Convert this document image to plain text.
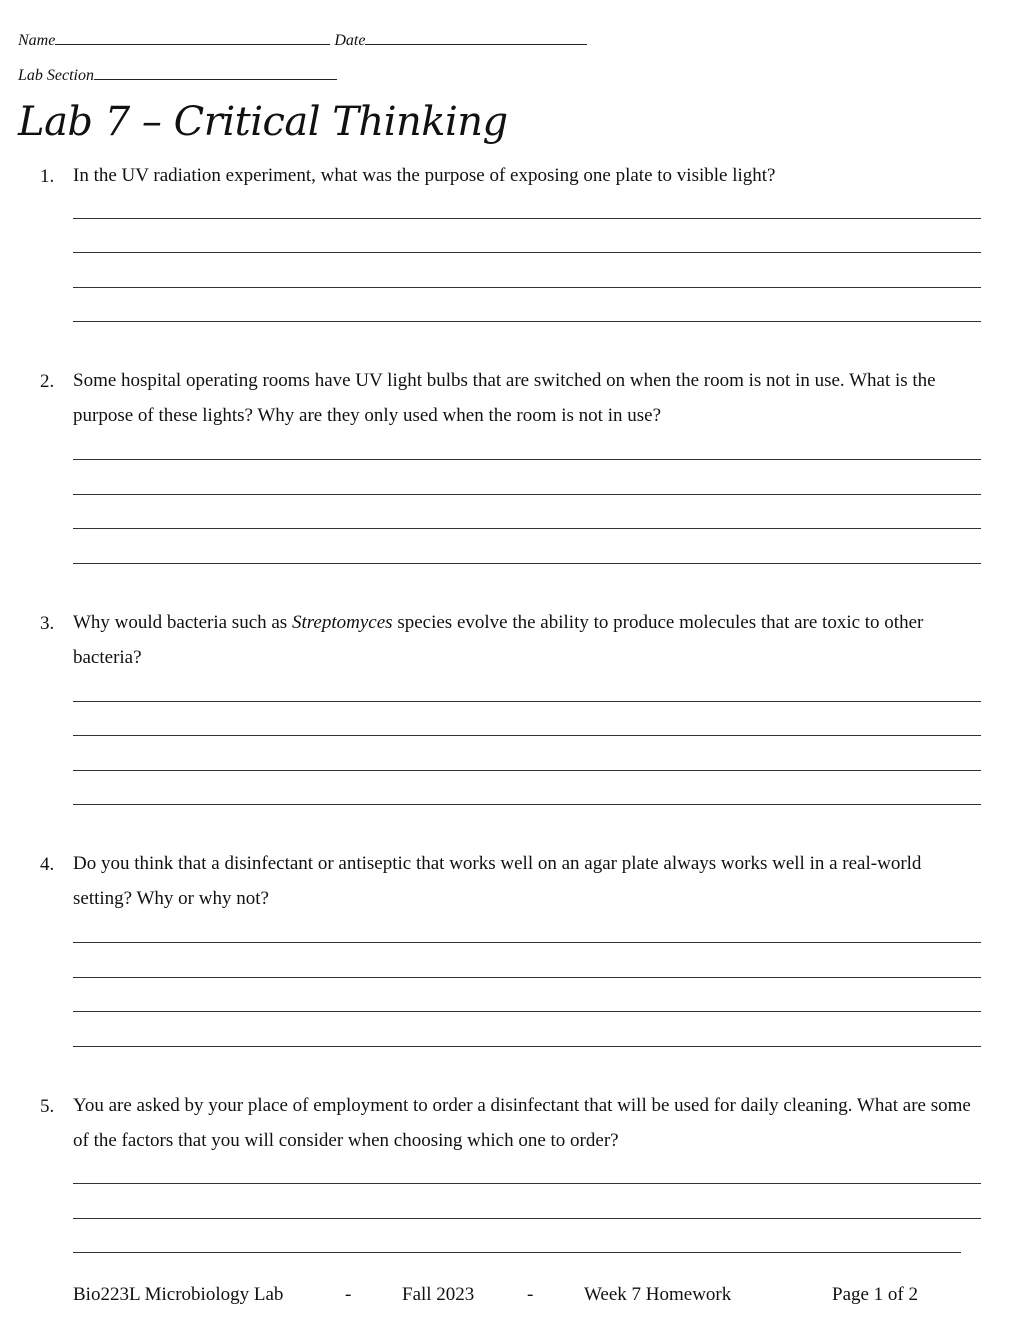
Name	Date
Lab Section
Lab 7 – Critical Thinking
1. In the UV radiation experiment, what was the purpose of exposing one plate to visible light?
2. Some hospital operating rooms have UV light bulbs that are switched on when the room is not in use. What is the purpose of these lights? Why are they only used when the room is not in use?
3. Why would bacteria such as Streptomyces species evolve the ability to produce molecules that are toxic to other bacteria?
4. Do you think that a disinfectant or antiseptic that works well on an agar plate always works well in a real-world setting? Why or why not?
5. You are asked by your place of employment to order a disinfectant that will be used for daily cleaning. What are some of the factors that you will consider when choosing which one to order?
Bio223L Microbiology Lab	-	Fall 2023	-	Week 7 Homework	Page 1 of 2
